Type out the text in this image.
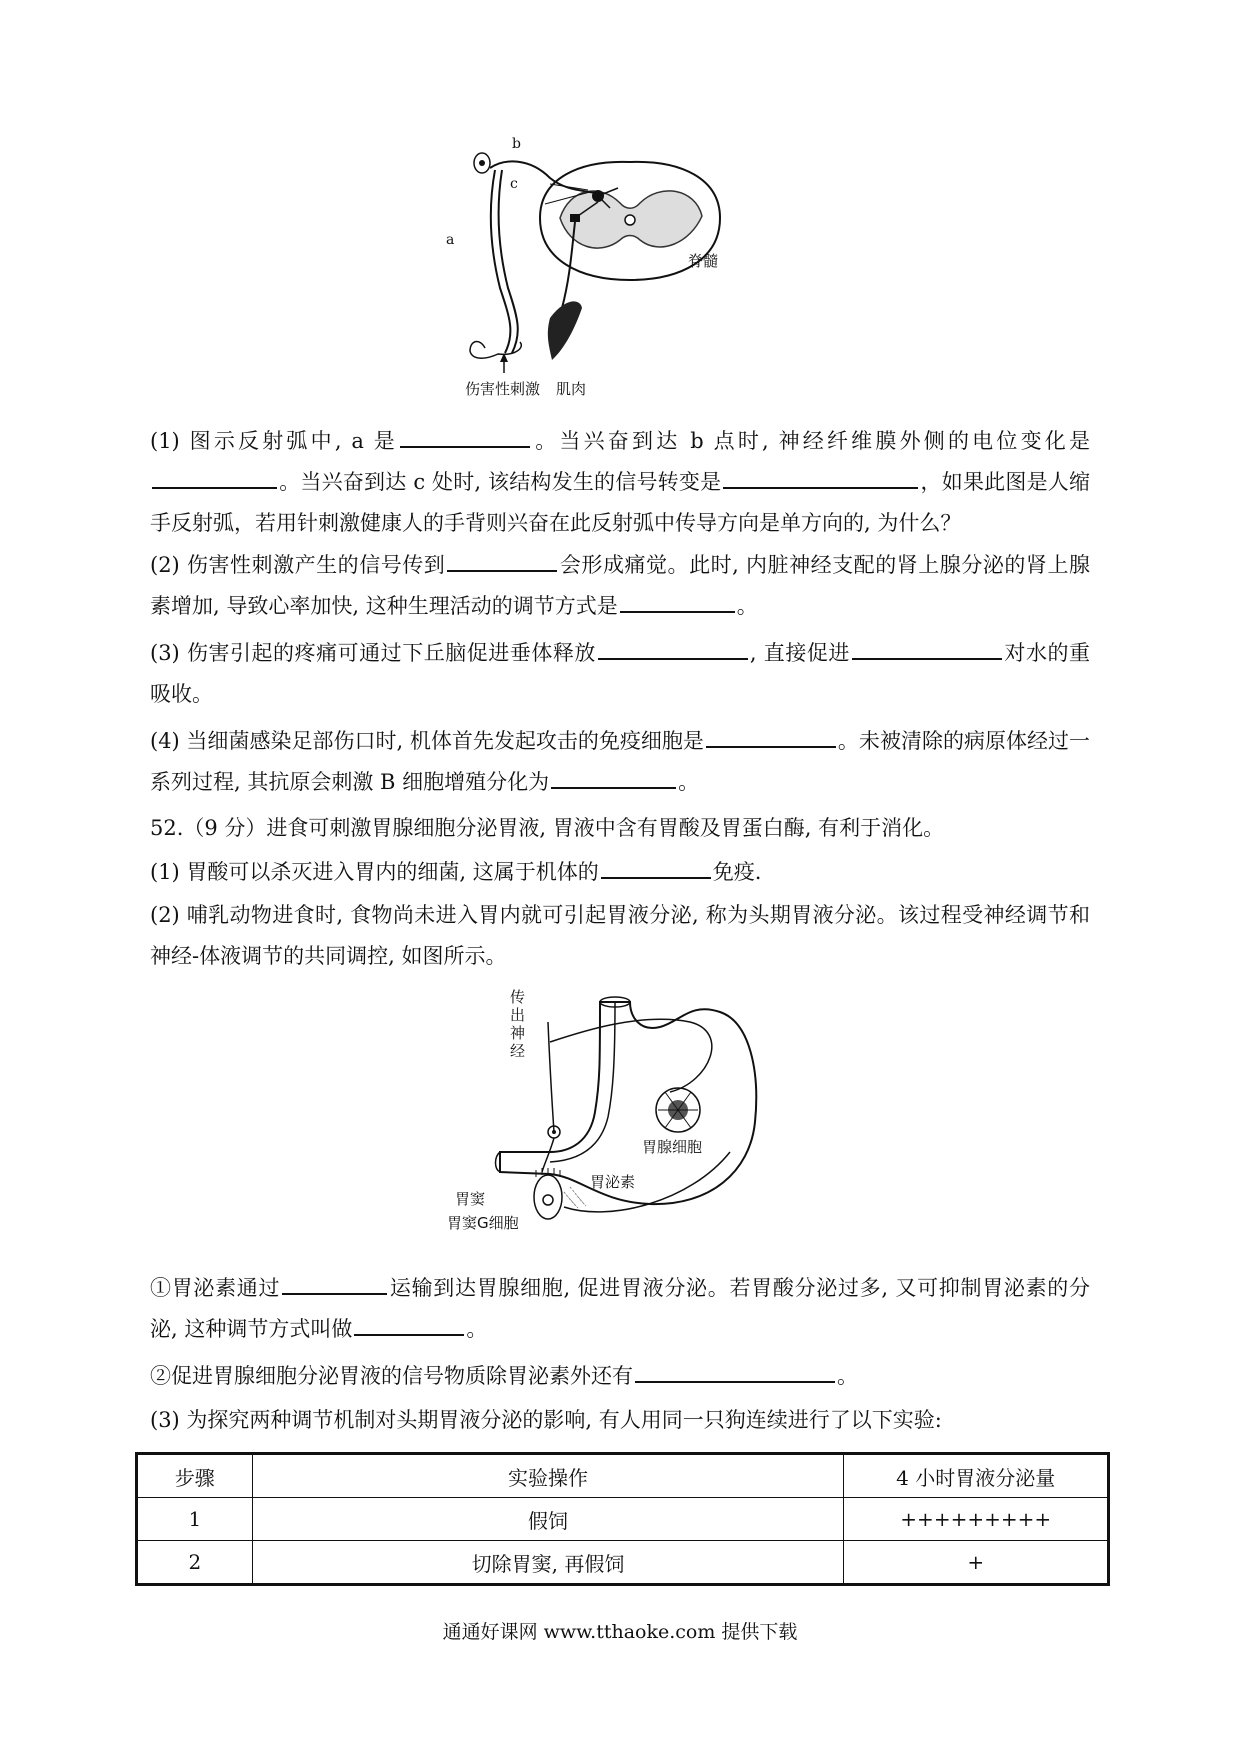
b
c
a
脊髓
伤害性刺激 肌肉

(1) 图示反射弧中, a 是	。当兴奋到达 b 点时, 神经纤维膜外侧的电位变化是。当兴奋到达 c 处时, 该结构发生的信号转变是	，如果此图是人缩手反射弧，若用针刺激健康人的手背则兴奋在此反射弧中传导方向是单方向的, 为什么？

(2) 伤害性刺激产生的信号传到	会形成痛觉。此时, 内脏神经支配的肾上腺分泌的肾上腺素增加, 导致心率加快, 这种生理活动的调节方式是	。

(3) 伤害引起的疼痛可通过下丘脑促进垂体释放	, 直接促进	对水的重吸收。

(4) 当细菌感染足部伤口时, 机体首先发起攻击的免疫细胞是	。未被清除的病原体经过一系列过程, 其抗原会刺激 B 细胞增殖分化为	。

52.（9 分）进食可刺激胃腺细胞分泌胃液, 胃液中含有胃酸及胃蛋白酶, 有利于消化。

(1) 胃酸可以杀灭进入胃内的细菌, 这属于机体的	免疫.

(2) 哺乳动物进食时, 食物尚未进入胃内就可引起胃液分泌, 称为头期胃液分泌。该过程受神经调节和神经-体液调节的共同调控, 如图所示。

传
出
神
经
胃腺细胞
胃窦
胃泌素
胃窦G细胞

①胃泌素通过	运输到达胃腺细胞, 促进胃液分泌。若胃酸分泌过多, 又可抑制胃泌素的分泌, 这种调节方式叫做	。

②促进胃腺细胞分泌胃液的信号物质除胃泌素外还有	。

(3) 为探究两种调节机制对头期胃液分泌的影响, 有人用同一只狗连续进行了以下实验:

步骤	实验操作	4 小时胃液分泌量
1	假饲	+++++++++
2	切除胃窦, 再假饲	+
通通好课网 www.tthaoke.com 提供下载
